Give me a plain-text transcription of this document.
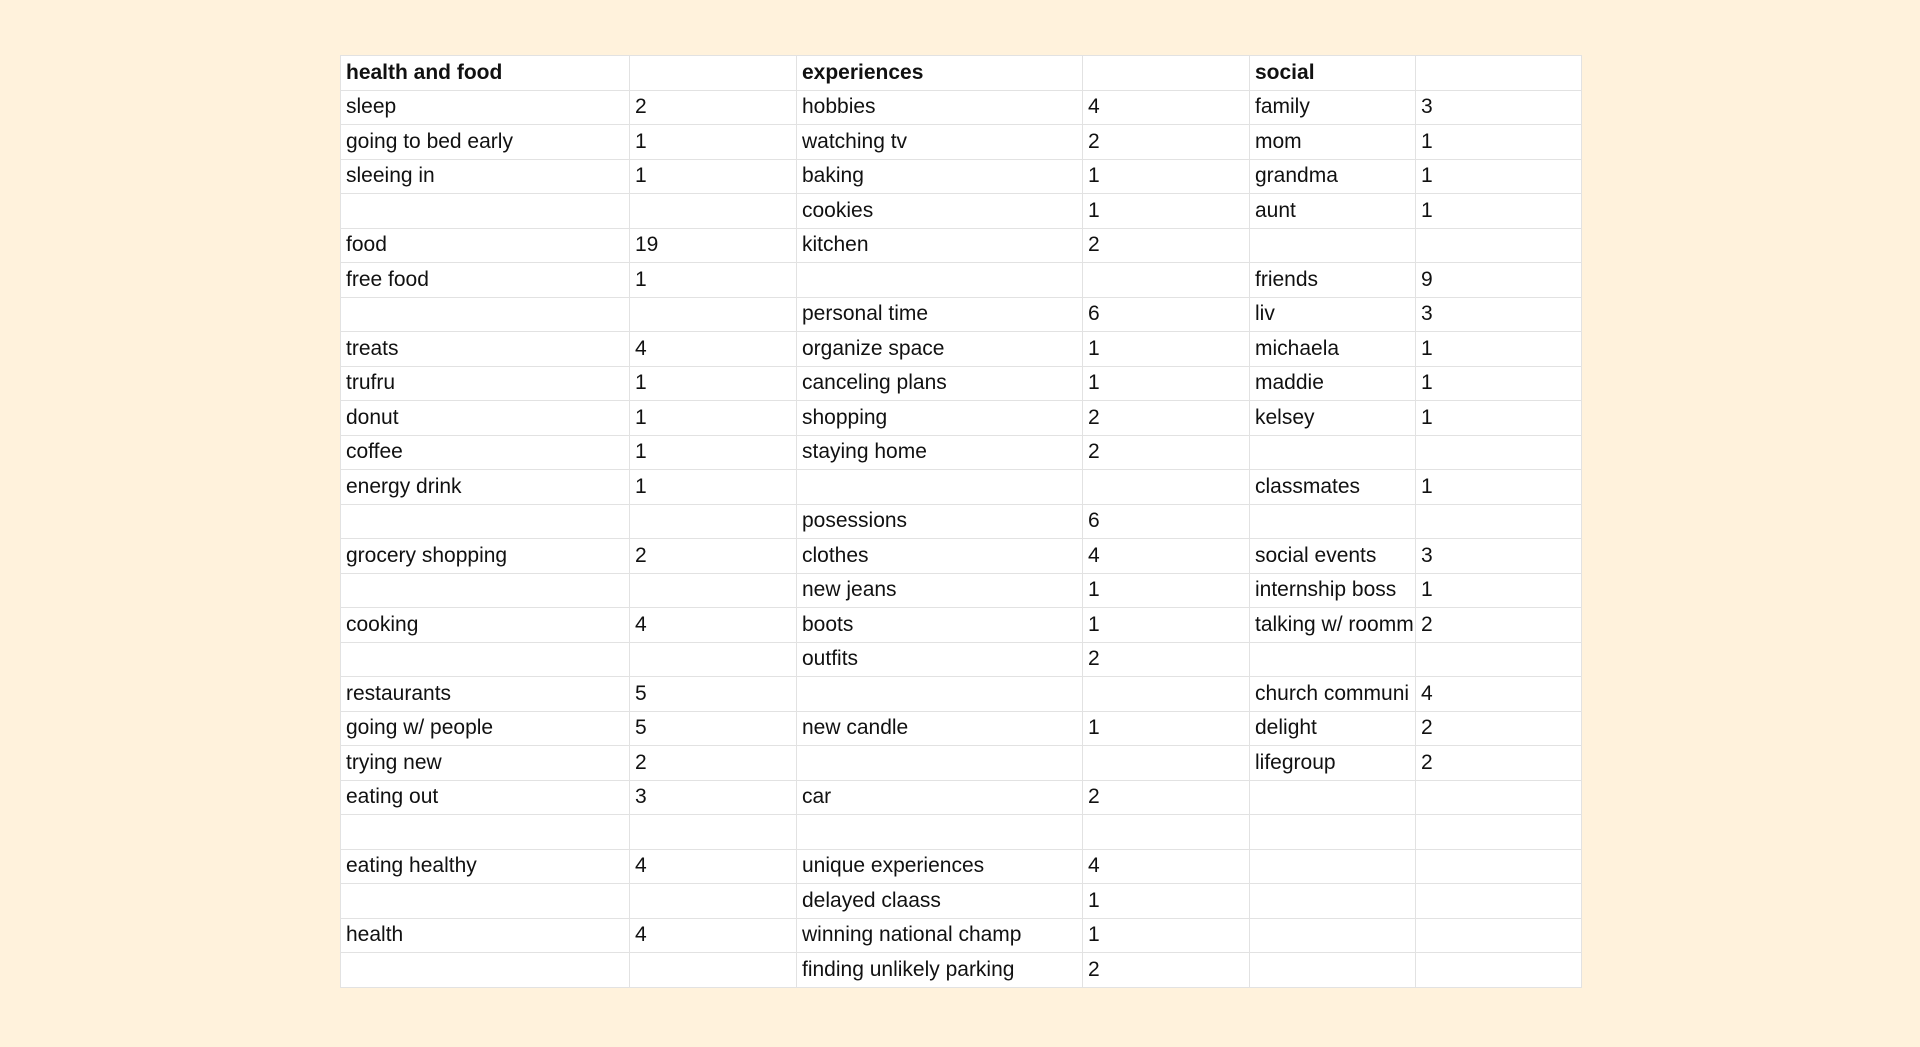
health and food		experiences		social	
sleep	2	hobbies	4	family	3
going to bed early	1	watching tv	2	mom	1
sleeing in	1	baking	1	grandma	1
		cookies	1	aunt	1
food	19	kitchen	2		
free food	1			friends	9
		personal time	6	liv	3
treats	4	organize space	1	michaela	1
trufru	1	canceling plans	1	maddie	1
donut	1	shopping	2	kelsey	1
coffee	1	staying home	2		
energy drink	1			classmates	1
		posessions	6		
grocery shopping	2	clothes	4	social events	3
		new jeans	1	internship boss	1
cooking	4	boots	1	talking w/ roomm	2
		outfits	2		
restaurants	5			church communi	4
going w/ people	5	new candle	1	delight	2
trying new	2			lifegroup	2
eating out	3	car	2		

eating healthy	4	unique experiences	4		
		delayed claass	1		
health	4	winning national champ	1		
		finding unlikely parking	2		
